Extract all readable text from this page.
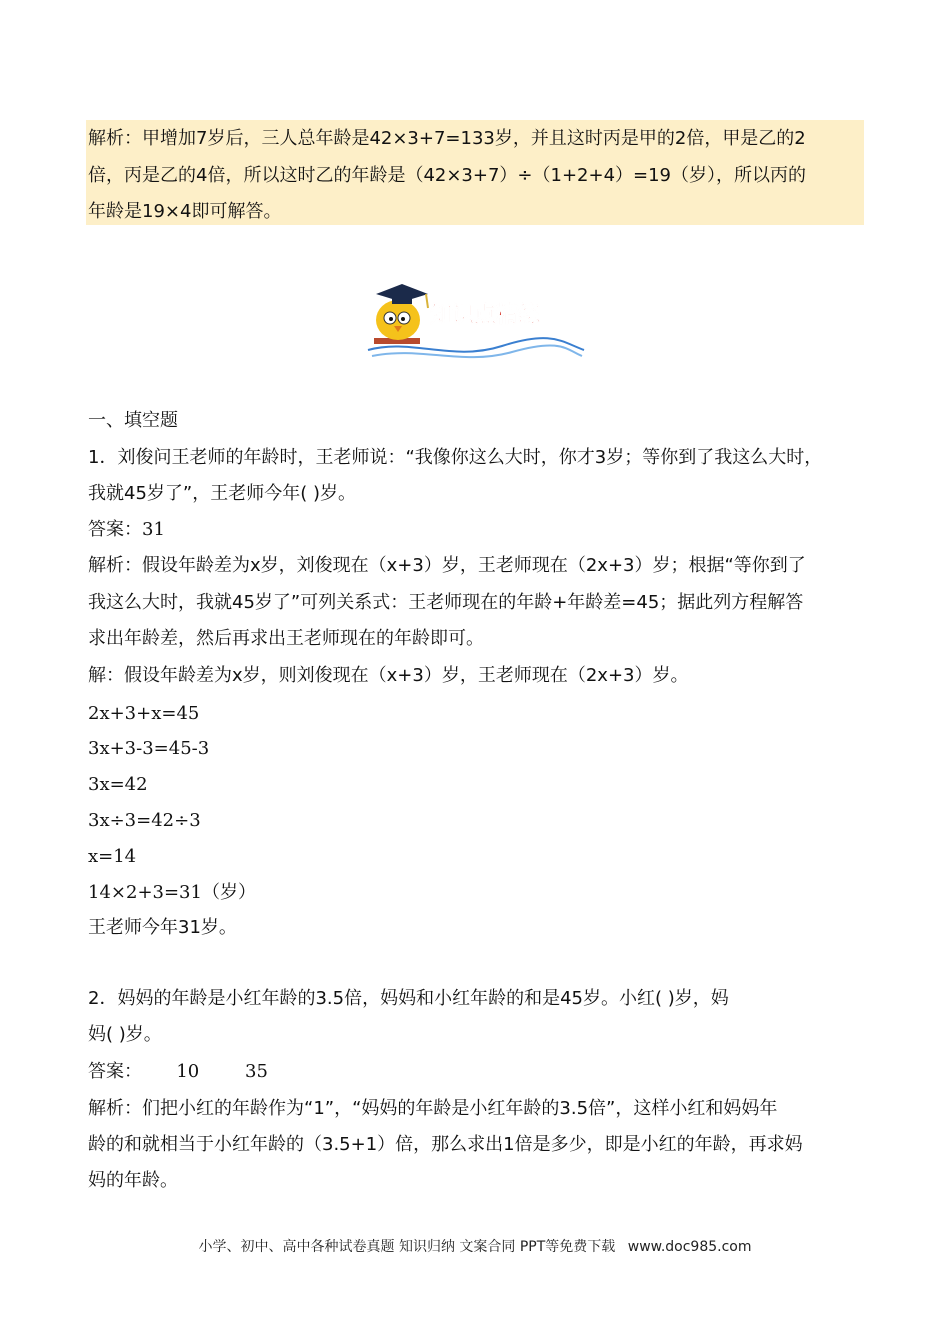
解析：甲增加7岁后，三人总年龄是42×3+7=133岁，并且这时丙是甲的2倍，甲是乙的2
倍，丙是乙的4倍，所以这时乙的年龄是（42×3+7）÷（1+2+4）=19（岁），所以丙的
年龄是19×4即可解答。
知识点精练
一、填空题
1．刘俊问王老师的年龄时，王老师说：“我像你这么大时，你才3岁；等你到了我这么大时，
我就45岁了”，王老师今年( )岁。
答案：31
解析：假设年龄差为x岁，刘俊现在（x+3）岁，王老师现在（2x+3）岁；根据“等你到了
我这么大时，我就45岁了”可列关系式：王老师现在的年龄+年龄差=45；据此列方程解答
求出年龄差，然后再求出王老师现在的年龄即可。
解：假设年龄差为x岁，则刘俊现在（x+3）岁，王老师现在（2x+3）岁。
2x+3+x=45
3x+3-3=45-3
3x=42
3x÷3=42÷3
x=14
14×2+3=31（岁）
王老师今年31岁。
2．妈妈的年龄是小红年龄的3.5倍，妈妈和小红年龄的和是45岁。小红( )岁，妈
妈( )岁。
答案：      10        35
解析：们把小红的年龄作为“1”，“妈妈的年龄是小红年龄的3.5倍”，这样小红和妈妈年
龄的和就相当于小红年龄的（3.5+1）倍，那么求出1倍是多少，即是小红的年龄，再求妈
妈的年龄。
小学、初中、高中各种试卷真题 知识归纳 文案合同 PPT等免费下载 www.doc985.com
